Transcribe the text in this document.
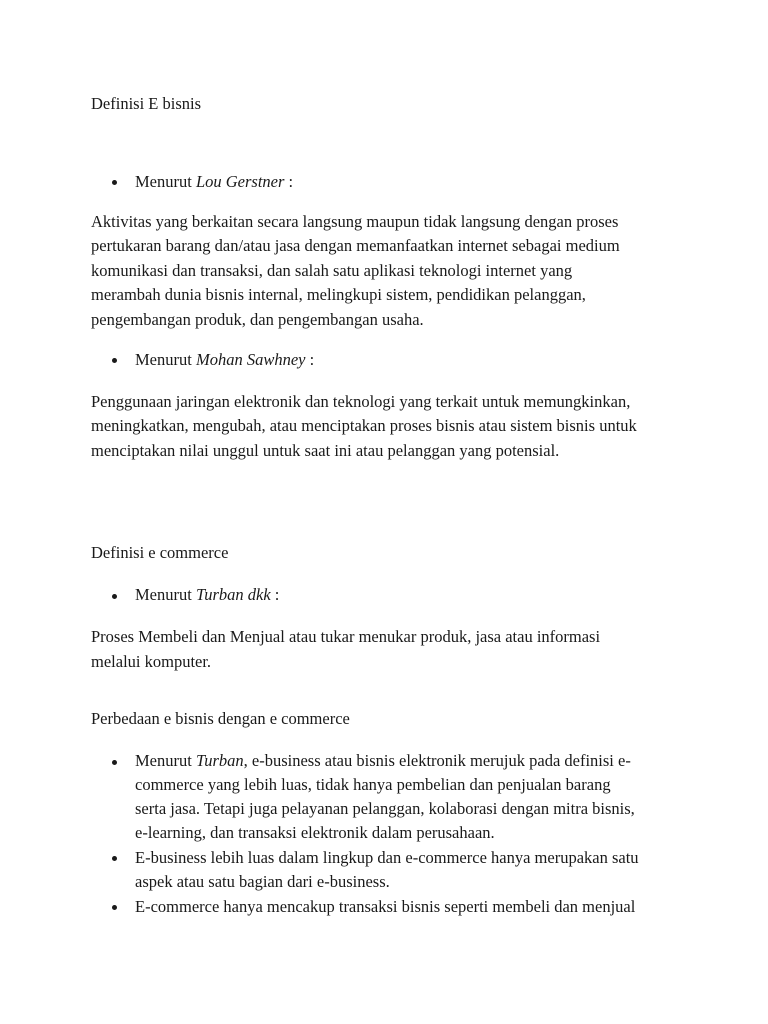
Definisi E bisnis
Menurut Lou Gerstner :
Aktivitas yang berkaitan secara langsung maupun tidak langsung dengan proses
pertukaran barang dan/atau jasa dengan memanfaatkan internet sebagai medium
komunikasi dan transaksi, dan salah satu aplikasi teknologi internet yang
merambah dunia bisnis internal, melingkupi sistem, pendidikan pelanggan,
pengembangan produk, dan pengembangan usaha.
Menurut Mohan Sawhney :
Penggunaan jaringan elektronik dan teknologi yang terkait untuk memungkinkan,
meningkatkan, mengubah, atau menciptakan proses bisnis atau sistem bisnis untuk
menciptakan nilai unggul untuk saat ini atau pelanggan yang potensial.
Definisi e commerce
Menurut Turban dkk :
Proses Membeli dan Menjual atau tukar menukar produk, jasa atau informasi
melalui komputer.
Perbedaan e bisnis dengan e commerce
Menurut Turban, e-business atau bisnis elektronik merujuk pada definisi e-
commerce yang lebih luas, tidak hanya pembelian dan penjualan barang
serta jasa. Tetapi juga pelayanan pelanggan, kolaborasi dengan mitra bisnis,
e-learning, dan transaksi elektronik dalam perusahaan.
E-business lebih luas dalam lingkup dan e-commerce hanya merupakan satu
aspek atau satu bagian dari e-business.
E-commerce hanya mencakup transaksi bisnis seperti membeli dan menjual
